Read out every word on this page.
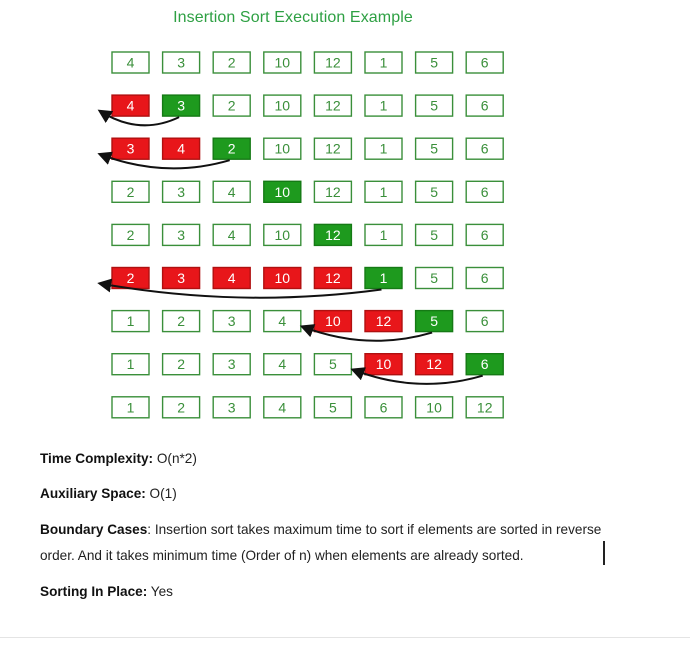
Insertion Sort Execution Example
4	3	2	10	12	1	5	6
4	3	2	10	12	1	5	6
3	4	2	10	12	1	5	6
2	3	4	10	12	1	5	6
2	3	4	10	12	1	5	6
2	3	4	10	12	1	5	6
1	2	3	4	10	12	5	6
1	2	3	4	5	10	12	6
1	2	3	4	5	6	10	12

Time Complexity: O(n*2)

Auxiliary Space: O(1)

Boundary Cases: Insertion sort takes maximum time to sort if elements are sorted in reverse order. And it takes minimum time (Order of n) when elements are already sorted.

Sorting In Place: Yes
